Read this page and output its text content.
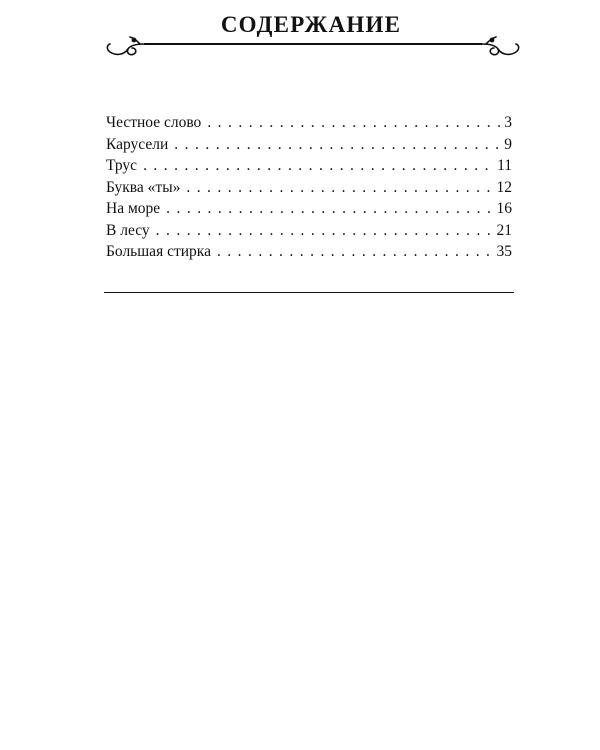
СОДЕРЖАНИЕ
Честное слово . . .	3
Карусели . . .	9
Трус . . .	11
Буква «ты» . . .	12
На море . . .	16
В лесу . . .	21
Большая стирка . . .	35
